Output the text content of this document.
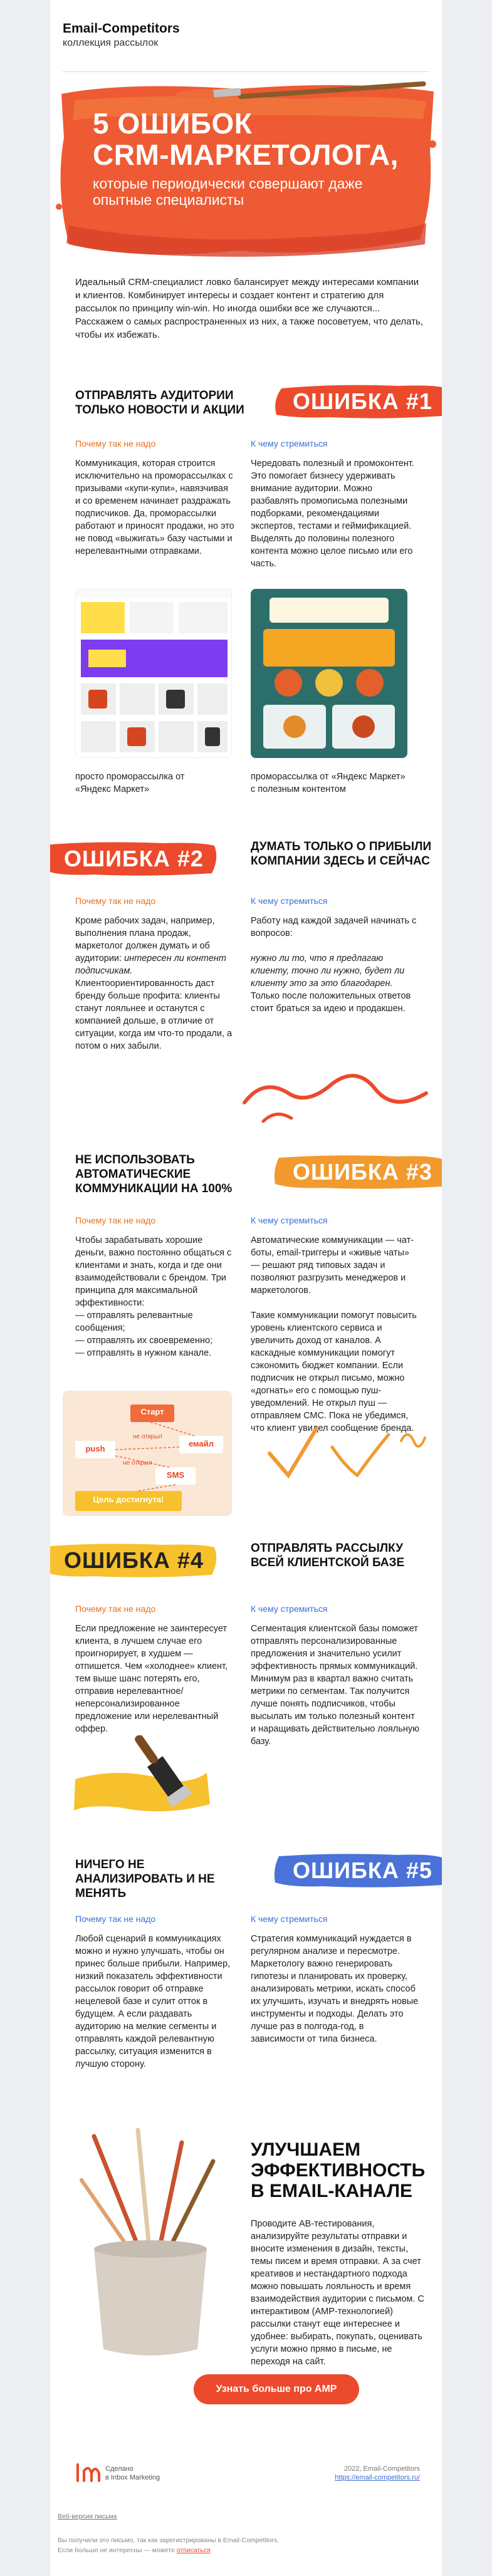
Email-Competitors
коллекция рассылок
5 ОШИБОК
CRM-МАРКЕТОЛОГА,
которые периодически совершают даже опытные специалисты
Идеальный CRM-специалист ловко балансирует между интересами компании и клиентов. Комбинирует интересы и создает контент и стратегию для рассылок по принципу win-win. Но иногда ошибки все же случаются... Расскажем о самых распространенных из них, а также посоветуем, что делать, чтобы их избежать.
ОТПРАВЛЯТЬ АУДИТОРИИ ТОЛЬКО НОВОСТИ И АКЦИИ	ОШИБКА #1
Почему так не надо	К чему стремиться
Коммуникация, которая строится исключительно на проморассылках с призывами «купи-купи», навязчивая и со временем начинает раздражать подписчиков. Да, проморассылки работают и приносят продажи, но это не повод «выжигать» базу частыми и нерелевантными отправками.
Чередовать полезный и промоконтент. Это помогает бизнесу удерживать внимание аудитории. Можно разбавлять промописьма полезными подборками, рекомендациями экспертов, тестами и геймификацией. Выделять до половины полезного контента можно целое письмо или его часть.
просто проморассылка от «Яндекс Маркет»
проморассылка от «Яндекс Маркет» с полезным контентом
ОШИБКА #2	ДУМАТЬ ТОЛЬКО О ПРИБЫЛИ КОМПАНИИ ЗДЕСЬ И СЕЙЧАС
Почему так не надо	К чему стремиться
Кроме рабочих задач, например, выполнения плана продаж, маркетолог должен думать и об аудитории: интересен ли контент подписчикам. Клиентоориентированность даст бренду больше профита: клиенты станут лояльнее и останутся с компанией дольше, в отличие от ситуации, когда им что-то продали, а потом о них забыли.
Работу над каждой задачей начинать с вопросов:

нужно ли то, что я предлагаю клиенту, точно ли нужно, будет ли клиенту это за это благодарен. Только после положительных ответов стоит браться за идею и продакшен.
НЕ ИСПОЛЬЗОВАТЬ АВТОМАТИЧЕСКИЕ КОММУНИКАЦИИ НА 100%
ОШИБКА #3
Почему так не надо	К чему стремиться
Чтобы зарабатывать хорошие деньги, важно постоянно общаться с клиентами и знать, когда и где они взаимодействовали с брендом. Три принципа для максимальной эффективности:
— отправлять релевантные сообщения;
— отправлять их своевременно;
— отправлять в нужном канале.
Автоматические коммуникации — чат-боты, email-триггеры и «живые чаты» — решают ряд типовых задач и позволяют разгрузить менеджеров и маркетологов.

Такие коммуникации помогут повысить уровень клиентского сервиса и увеличить доход от каналов. А каскадные коммуникации помогут сэкономить бюджет компании. Если подписчик не открыл письмо, можно «догнать» его с помощью пуш-уведомлений. Не открыл пуш — отправляем СМС. Пока не убедимся, что клиент увидел сообщение бренда.
Старт
емайл
push
SMS
не открыл
не открыл
Цель достигнута!
ОШИБКА #4	ОТПРАВЛЯТЬ РАССЫЛКУ ВСЕЙ КЛИЕНТСКОЙ БАЗЕ
Почему так не надо	К чему стремиться
Если предложение не заинтересует клиента, в лучшем случае его проигнорирует, в худшем — отпишется. Чем «холоднее» клиент, тем выше шанс потерять его, отправив нерелевантное/неперсонализированное предложение или нерелевантный оффер.
Сегментация клиентской базы поможет отправлять персонализированные предложения и значительно усилит эффективность прямых коммуникаций. Минимум раз в квартал важно считать метрики по сегментам. Так получится лучше понять подписчиков, чтобы высылать им только полезный контент и наращивать действительно лояльную базу.
НИЧЕГО НЕ АНАЛИЗИРОВАТЬ И НЕ МЕНЯТЬ
ОШИБКА #5
Почему так не надо	К чему стремиться
Любой сценарий в коммуникациях можно и нужно улучшать, чтобы он принес больше прибыли. Например, низкий показатель эффективности рассылок говорит об отправке нецелевой базе и сулит отток в будущем. А если раздавать аудиторию на мелкие сегменты и отправлять каждой релевантную рассылку, ситуация изменится в лучшую сторону.
Стратегия коммуникаций нуждается в регулярном анализе и пересмотре. Маркетологу важно генерировать гипотезы и планировать их проверку, анализировать метрики, искать способ их улучшить, изучать и внедрять новые инструменты и подходы. Делать это лучше раз в полгода-год, в зависимости от типа бизнеса.
УЛУЧШАЕМ ЭФФЕКТИВНОСТЬ В EMAIL-КАНАЛЕ
Проводите AB-тестирования, анализируйте результаты отправки и вносите изменения в дизайн, тексты, темы писем и время отправки. А за счет креативов и нестандартного подхода можно повышать лояльность и время взаимодействия аудитории с письмом. С интерактивом (AMP-технологией) рассылки станут еще интереснее и удобнее: выбирать, покупать, оценивать услуги можно прямо в письме, не переходя на сайт.
Узнать больше про AMP
Сделано
в Inbox Marketing
2022, Email-Competitors
https://email-competitors.ru/
Веб-версия письма
Вы получили это письмо, так как зарегистрированы в Email-Competitors.
Если больше не интересны — можете отписаться
